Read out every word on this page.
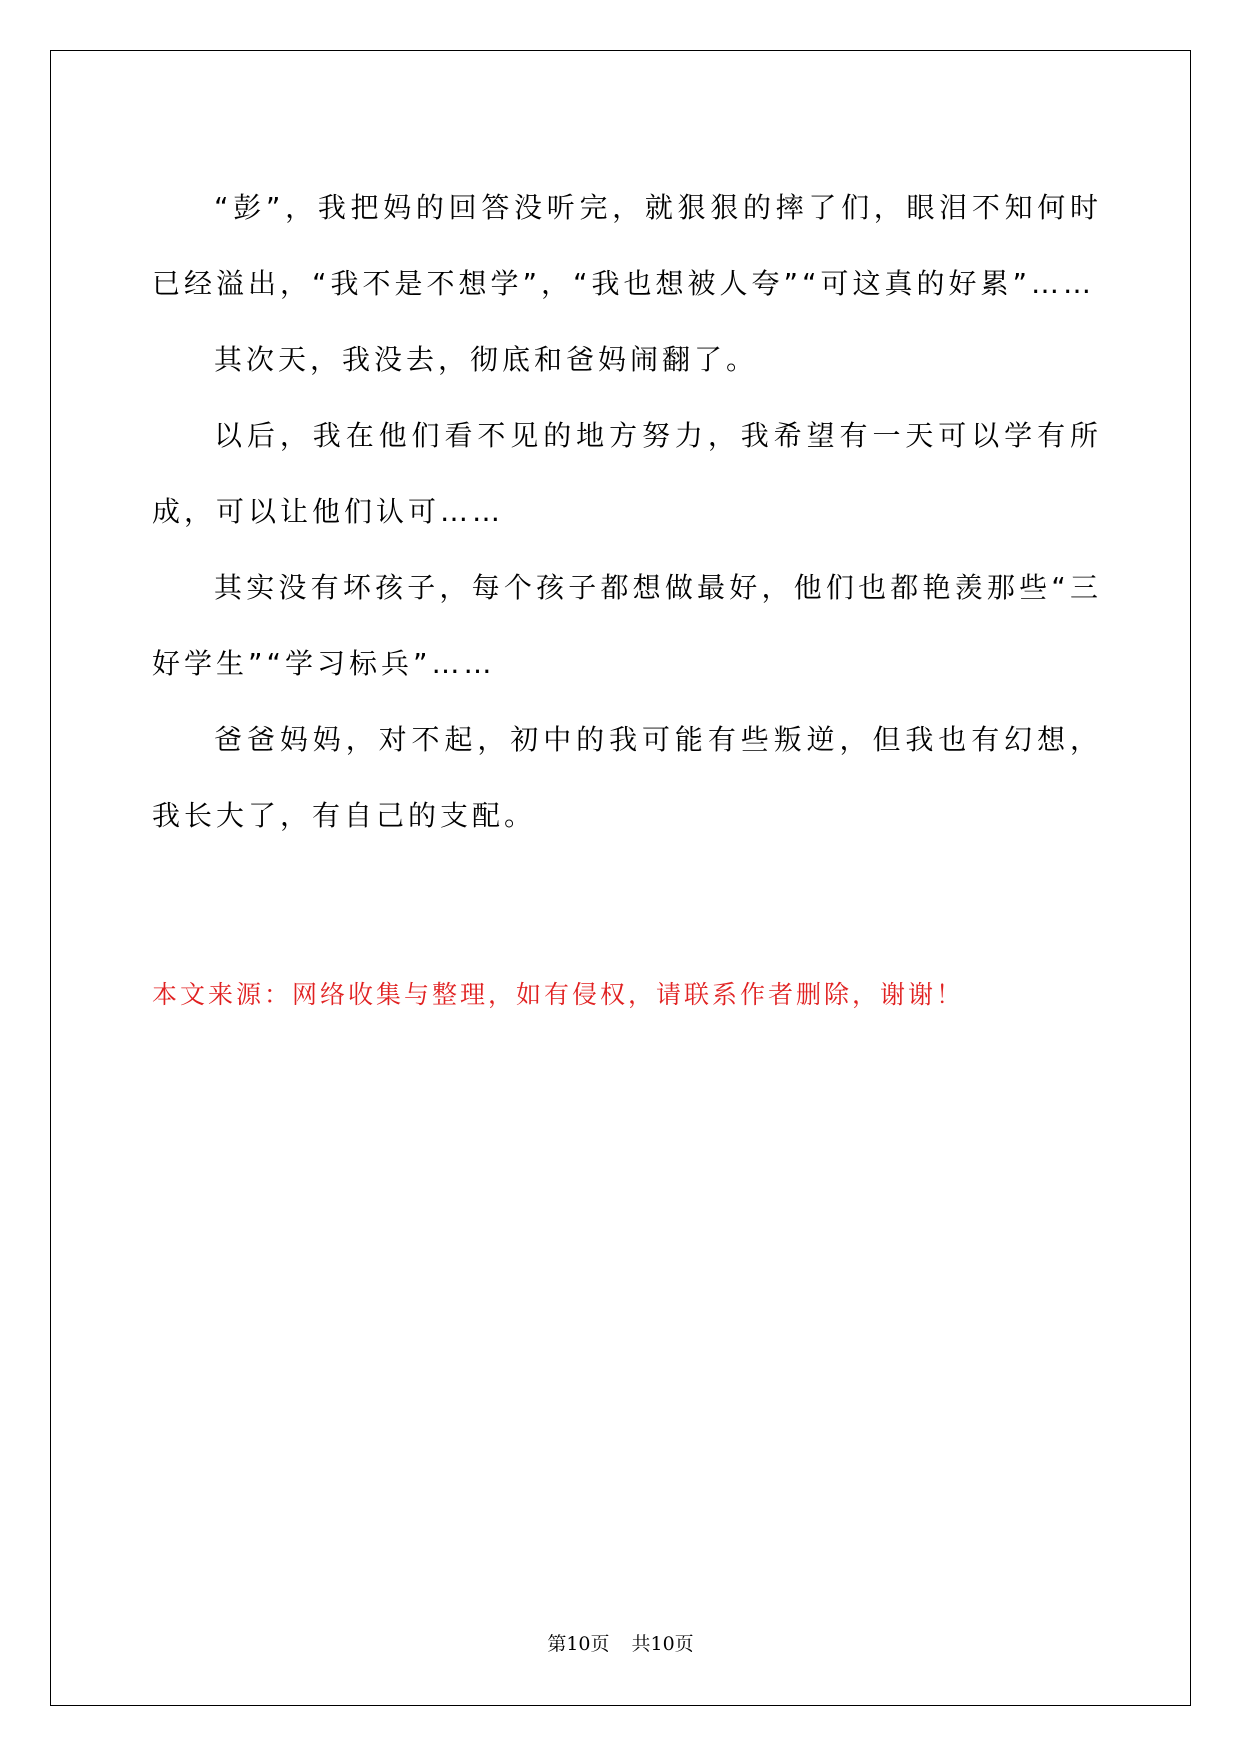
“彭”，我把妈的回答没听完，就狠狠的摔了们，眼泪不知何时已经溢出，“我不是不想学”，“我也想被人夸”“可这真的好累”……

其次天，我没去，彻底和爸妈闹翻了。

以后，我在他们看不见的地方努力，我希望有一天可以学有所成，可以让他们认可……

其实没有坏孩子，每个孩子都想做最好，他们也都艳羡那些“三好学生”“学习标兵”……

爸爸妈妈，对不起，初中的我可能有些叛逆，但我也有幻想，我长大了，有自己的支配。

本文来源：网络收集与整理，如有侵权，请联系作者删除，谢谢！
第10页 共10页
